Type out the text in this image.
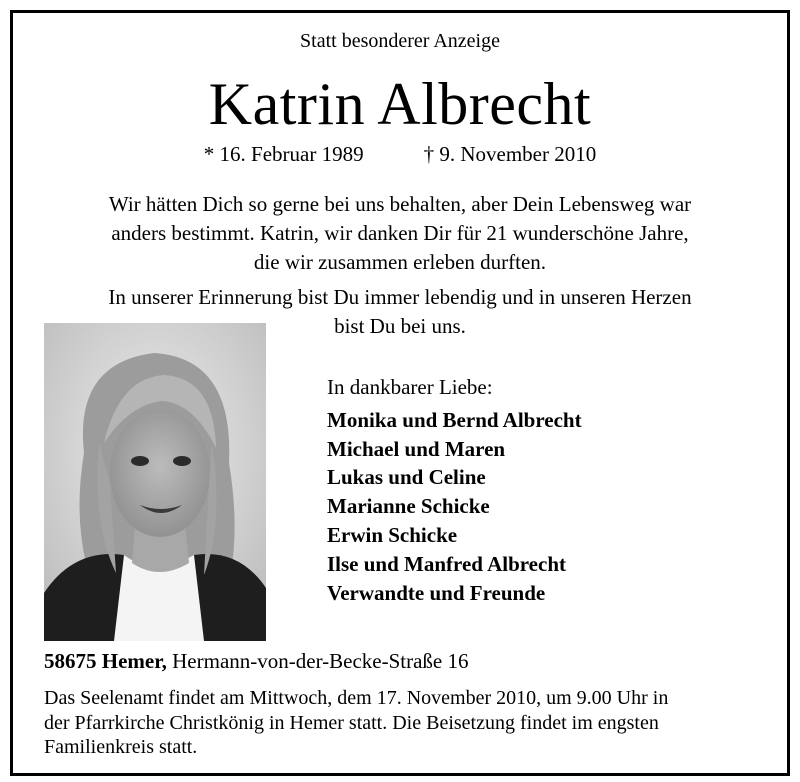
Statt besonderer Anzeige
Katrin Albrecht
* 16. Februar 1989	† 9. November 2010
Wir hätten Dich so gerne bei uns behalten, aber Dein Lebensweg war
anders bestimmt. Katrin, wir danken Dir für 21 wunderschöne Jahre,
die wir zusammen erleben durften.
In unserer Erinnerung bist Du immer lebendig und in unseren Herzen
bist Du bei uns.
In dankbarer Liebe:
Monika und Bernd Albrecht
Michael und Maren
Lukas und Celine
Marianne Schicke
Erwin Schicke
Ilse und Manfred Albrecht
Verwandte und Freunde
58675 Hemer, Hermann-von-der-Becke-Straße 16
Das Seelenamt findet am Mittwoch, dem 17. November 2010, um 9.00 Uhr in
der Pfarrkirche Christkönig in Hemer statt. Die Beisetzung findet im engsten
Familienkreis statt.
